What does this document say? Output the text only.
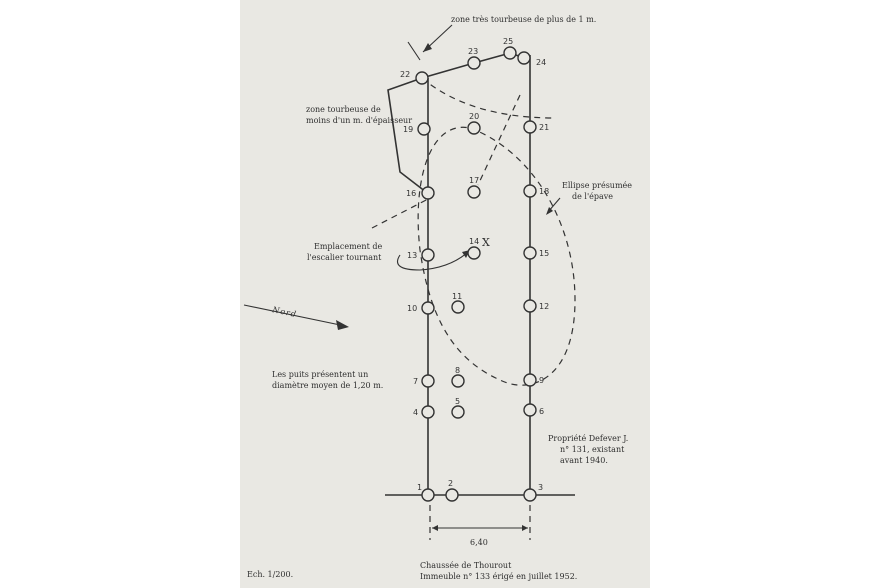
1	2	3
4
5
6
7
8
9
10
11
12
13
14
15
16
17
18
19
20
21
22
23
24
25
X
zone très tourbeuse de plus de 1 m.
zone tourbeuse de
moins d'un m. d'épaisseur
Ellipse présumée
de l'épave
Emplacement de
l'escalier tournant
Nord
Les puits présentent un
diamètre moyen de 1,20 m.
Propriété Defever J.
n° 131, existant
avant 1940.
6,40
Chaussée de Thourout
Immeuble n° 133 érigé en juillet 1952.
Ech. 1/200.
